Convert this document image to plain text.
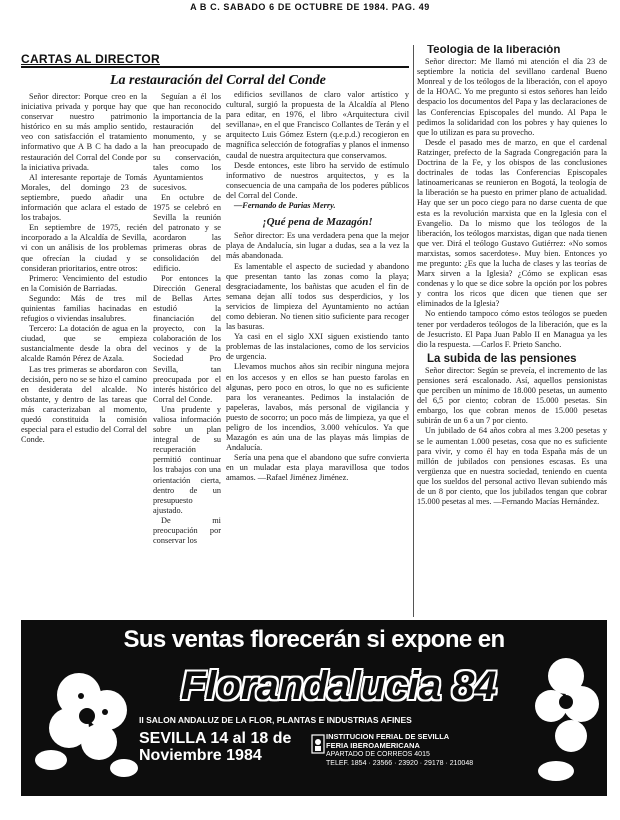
A B C. SABADO 6 DE OCTUBRE DE 1984. PAG. 49
CARTAS AL DIRECTOR
La restauración del Corral del Conde

Señor director: Porque creo en la iniciativa privada y porque hay que conservar nuestro patrimonio histórico en su más amplio sentido, veo con satisfacción el tratamiento informativo que A B C ha dado a la restauración del Corral del Conde por la iniciativa privada.

Al interesante reportaje de Tomás Morales, del domingo 23 de septiembre, puedo añadir una información que aclara el estado de los trabajos.

En septiembre de 1975, recién incorporado a la Alcaldía de Sevilla, vi con un análisis de los problemas que ofrecían la ciudad y se consideran prioritarios, entre otros:

Primero: Vencimiento del estudio en la Comisión de Barriadas.

Segundo: Más de tres mil quinientas familias hacinadas en refugios o viviendas insalubres.

Tercero: La dotación de agua en la ciudad, que se empieza sustancialmente desde la obra del alcalde Ramón Pérez de Azala.

Las tres primeras se abordaron con decisión, pero no se se hizo el camino en desiderata del alcalde. No obstante, y dentro de las tareas que más caracterizaban al momento, quedó constituida la comisión especial para el estudio del Corral del Conde.

Seguían a él los que han reconocido la importancia de la restauración del monumento, y se han preocupado de su conservación, tales como los Ayuntamientos sucesivos.

En octubre de 1975 se celebró en Sevilla la reunión del patronato y se acordaron las primeras obras de consolidación del edificio.

Por entonces la Dirección General de Bellas Artes estudió la financiación del proyecto, con la colaboración de los vecinos y de la Sociedad Pro Sevilla, tan preocupada por el interés histórico del Corral del Conde.

Una prudente y valiosa información sobre un plan integral de su recuperación permitió continuar los trabajos con una orientación cierta, dentro de un presupuesto ajustado.

De mi preocupación por conservar los

edificios sevillanos de claro valor artístico y cultural, surgió la propuesta de la Alcaldía al Pleno para editar, en 1976, el libro «Arquitectura civil sevillana», en el que Francisco Collantes de Terán y el arquitecto Luis Gómez Estern (q.e.p.d.) recogieron en magnífica selección de fotografías y planos el inmenso caudal de nuestra arquitectura que conservamos.

Desde entonces, este libro ha servido de estímulo informativo de nuestros arquitectos, y es la consecuencia de una campaña de los poderes públicos del Corral del Conde.

—Fernando de Parias Merry.

¡Qué pena de Mazagón!

Señor director: Es una verdadera pena que la mejor playa de Andalucía, sin lugar a dudas, sea a la vez la más abandonada.

Es lamentable el aspecto de suciedad y abandono que presentan tanto las zonas como la playa; desgraciadamente, los bañistas que acuden el fin de semana dejan allí todos sus desperdicios, y los servicios de limpieza del Ayuntamiento no actúan como debieran. No tienen sitio suficiente para recoger las basuras.

Ya casi en el siglo XXI siguen existiendo tanto problemas de las instalaciones, como de los servicios de urgencia.

Llevamos muchos años sin recibir ninguna mejora en los accesos y en ellos se han puesto farolas en algunas, pero poco en otros, lo que no es suficiente para los veraneantes. Pedimos la instalación de papeleras, lavabos, más personal de vigilancia y puesto de socorro; un poco más de limpieza, ya que el peligro de los incendios, 3.000 vehículos. Ya que Mazagón es aún una de las playas más limpias de Andalucía.

Sería una pena que el abandono que sufre convierta en un muladar esta playa maravillosa que todos amamos. —Rafael Jiménez Jiménez.

Teología de la liberación

Señor director: Me llamó mi atención el día 23 de septiembre la noticia del sevillano cardenal Bueno Monreal y de los teólogos de la liberación, con el apoyo de la HOAC. Yo me pregunto si estos señores han leído despacio los documentos del Papa y las declaraciones de las Conferencias Episcopales del mundo. Al Papa le pedimos la solidaridad con los pobres y hay quienes lo que lo utilizan es para su provecho.

Desde el pasado mes de marzo, en que el cardenal Ratzinger, prefecto de la Sagrada Congregación para la Doctrina de la Fe, y los obispos de las conclusiones doctrinales de todas las Conferencias Episcopales latinoamericanas se reunieron en Bogotá, la teología de la liberación se ha puesto en primer plano de actualidad. Hay que ser un poco ciego para no darse cuenta de que esta es la revolución marxista que en la Iglesia con el Evangelio. Da lo mismo que los teólogos de la liberación, los teólogos marxistas, digan que nada tienen que ver. Dirá el teólogo Gustavo Gutiérrez: «No somos marxistas, somos sacerdotes». Muy bien. Entonces yo me pregunto: ¿Es que la lucha de clases y las teorías de Marx sirven a la Iglesia? ¿Cómo se explican esas condenas y lo que se dice sobre la opción por los pobres y contra los ricos que dicen que tienen que ser eliminados de la Iglesia?

No entiendo tampoco cómo estos teólogos se pueden tener por verdaderos teólogos de la liberación, que es la de Jesucristo. El Papa Juan Pablo II en Managua ya les dio la respuesta. —Carlos F. Prieto Sancho.

La subida de las pensiones

Señor director: Según se preveía, el incremento de las pensiones será escalonado. Así, aquellos pensionistas que perciben un mínimo de 18.000 pesetas, un aumento del 6,5 por ciento; cobran de 15.000 pesetas. Sin embargo, los que cobran menos de 15.000 pesetas subirán de un 6 a un 7 por ciento.

Un jubilado de 64 años cobra al mes 3.200 pesetas y se le aumentan 1.000 pesetas, cosa que no es suficiente para vivir, y como él hay en toda España más de un millón de jubilados con pensiones escasas. Es una vergüenza que en nuestra sociedad, teniendo en cuenta que los sueldos del personal activo llevan subiendo más de un 8 por ciento, que los jubilados tengan que cobrar 15.000 pesetas al mes. —Fernando Macías Hernández.

Sus ventas florecerán si expone en
Florandalucia 84
II SALON ANDALUZ DE LA FLOR, PLANTAS E INDUSTRIAS AFINES
SEVILLA 14 al 18 de
Noviembre 1984
INSTITUCION FERIAL DE SEVILLA
FERIA IBEROAMERICANA
APARTADO DE CORREOS 4015
TELEF. 1854 · 23566 · 23920 · 29178 · 210048
